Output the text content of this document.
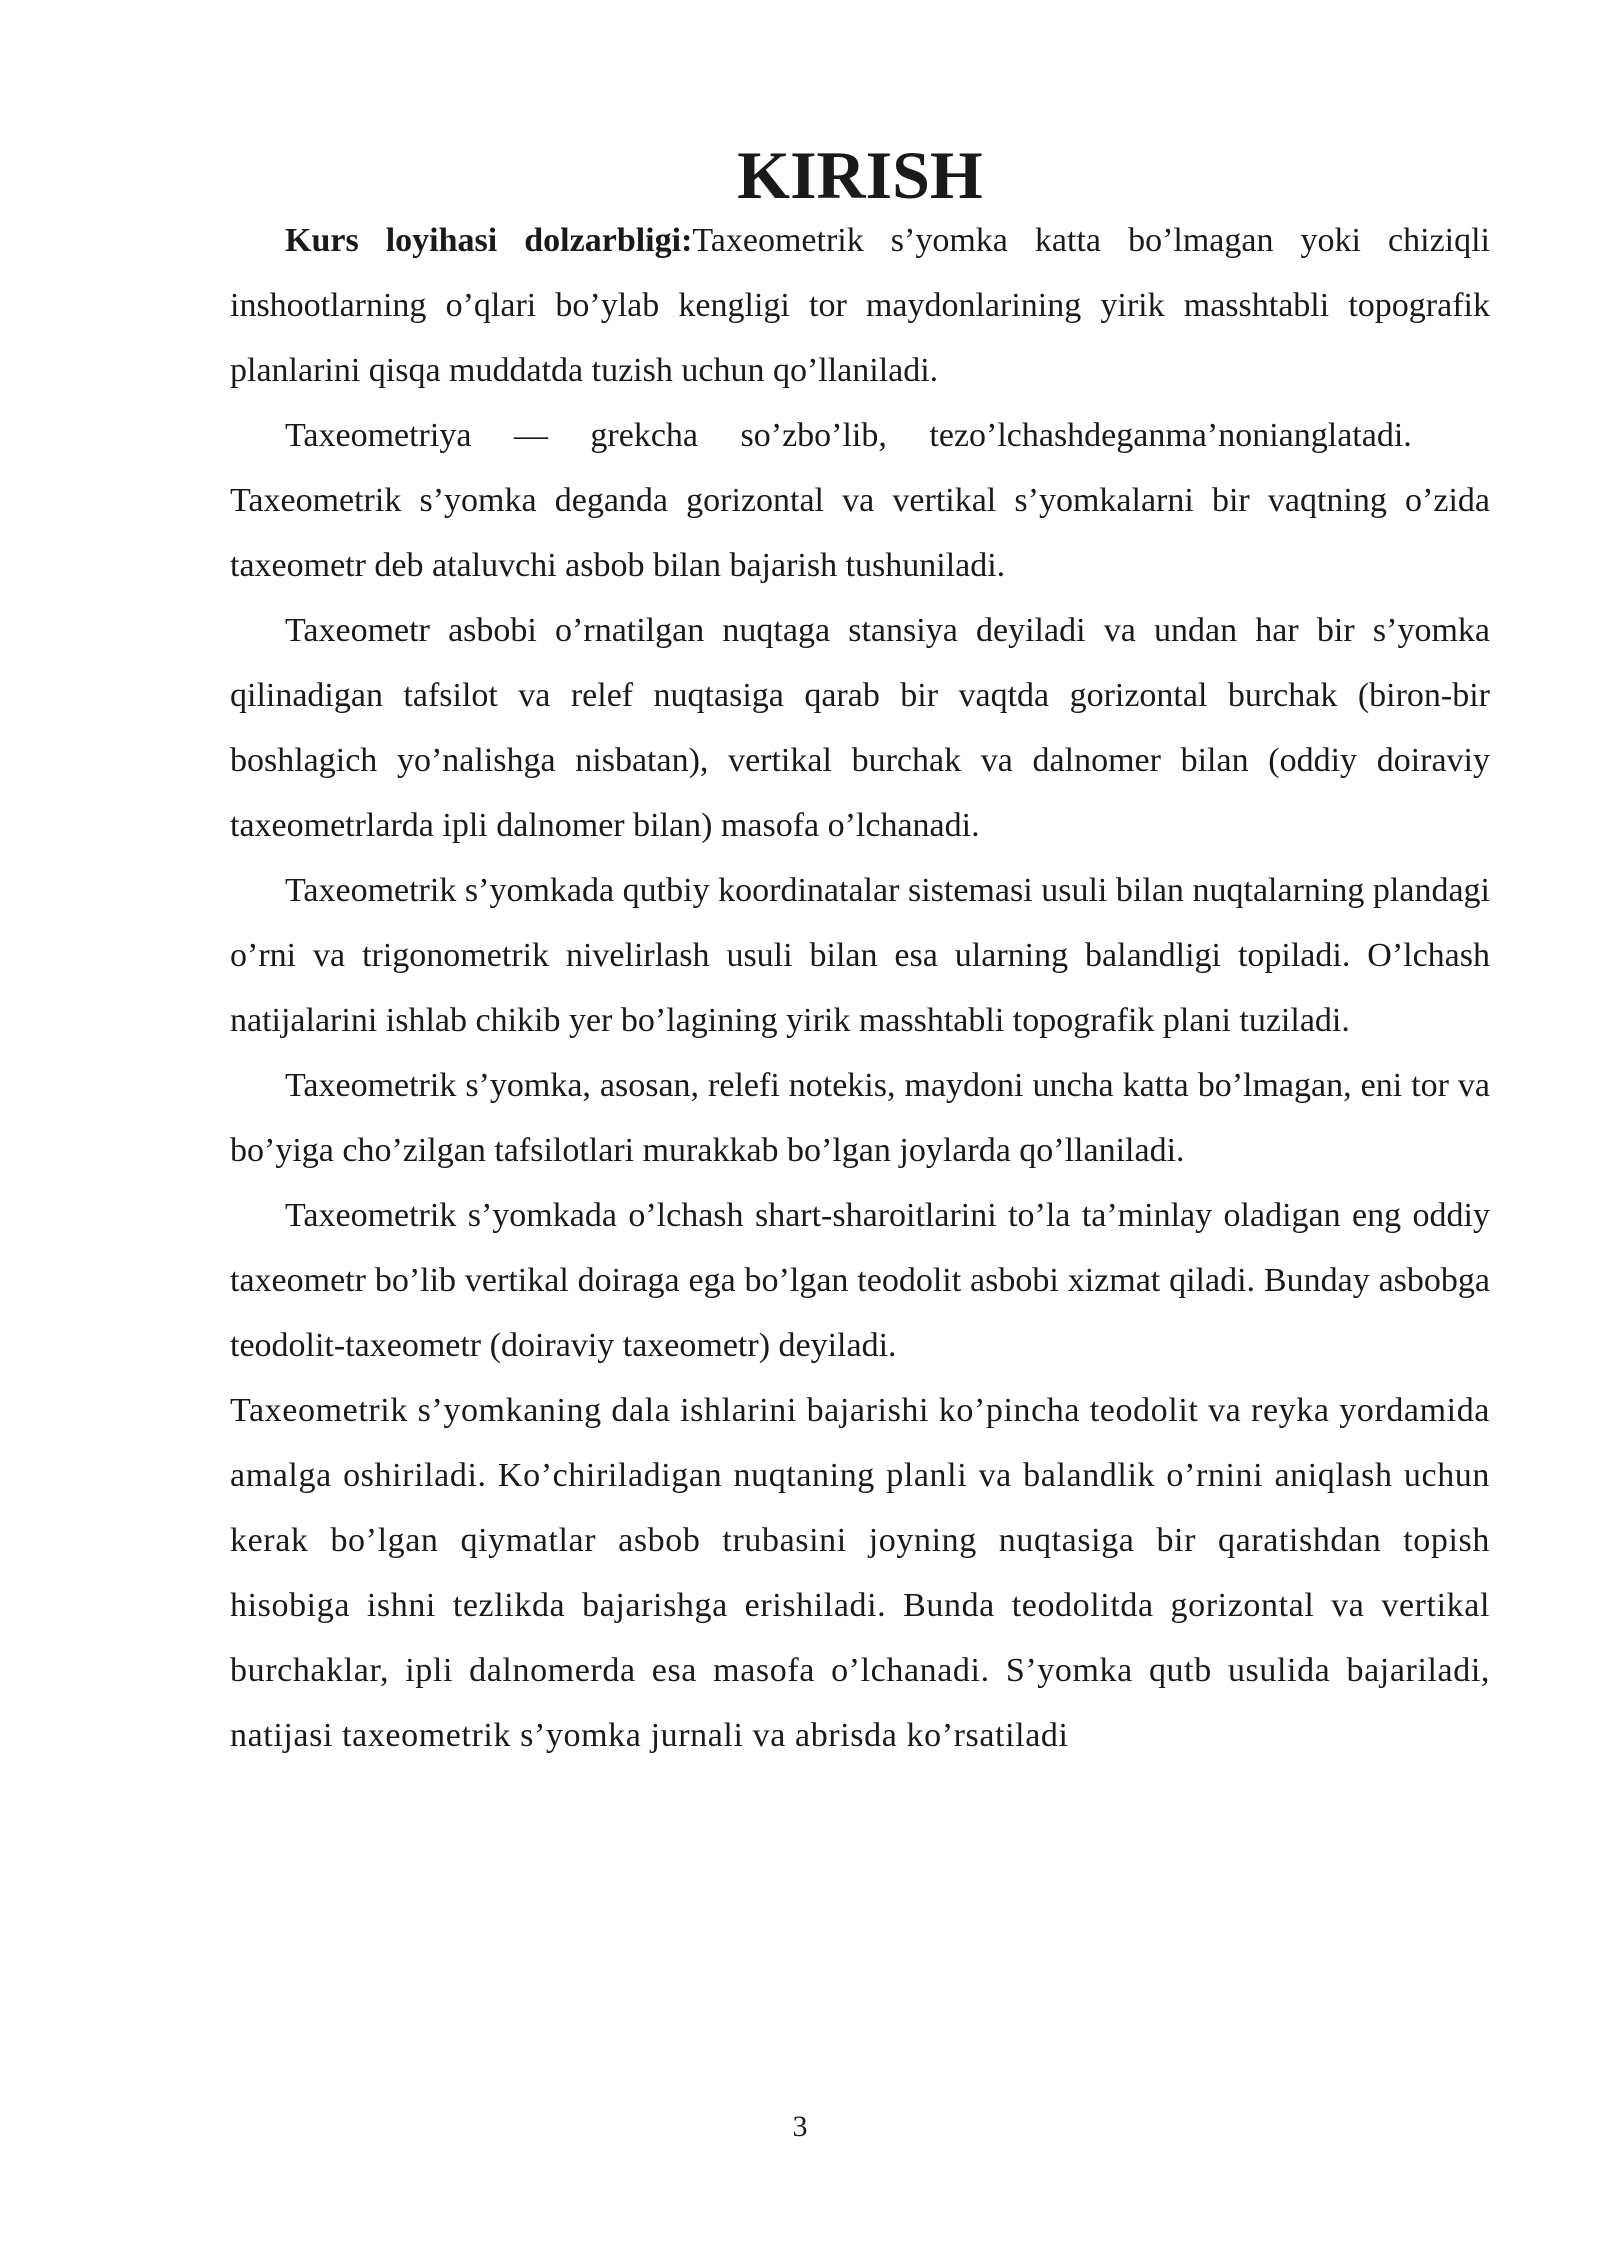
KIRISH

Kurs loyihasi dolzarbligi:Taxeometrik s’yomka katta bo’lmagan yoki chiziqli inshootlarning o’qlari bo’ylab kengligi tor maydonlarining yirik masshtabli topografik planlarini qisqa muddatda tuzish uchun qo’llaniladi.

Taxeometriya — grekcha so’zbo’lib, tezo’lchashdeganma’nonianglatadi.
Taxeometrik s’yomka deganda gorizontal va vertikal s’yomkalarni bir vaqtning o’zida taxeometr deb ataluvchi asbob bilan bajarish tushuniladi.

Taxeometr asbobi o’rnatilgan nuqtaga stansiya deyiladi va undan har bir s’yomka qilinadigan tafsilot va relef nuqtasiga qarab bir vaqtda gorizontal burchak (biron-bir boshlagich yo’nalishga nisbatan), vertikal burchak va dalnomer bilan (oddiy doiraviy taxeometrlarda ipli dalnomer bilan) masofa o’lchanadi.

Taxeometrik s’yomkada qutbiy koordinatalar sistemasi usuli bilan nuqtalarning plandagi o’rni va trigonometrik nivelirlash usuli bilan esa ularning balandligi topiladi. O’lchash natijalarini ishlab chikib yer bo’lagining yirik masshtabli topografik plani tuziladi.

Taxeometrik s’yomka, asosan, relefi notekis, maydoni uncha katta bo’lmagan, eni tor va bo’yiga cho’zilgan tafsilotlari murakkab bo’lgan joylarda qo’llaniladi.

Taxeometrik s’yomkada o’lchash shart-sharoitlarini to’la ta’minlay oladigan eng oddiy taxeometr bo’lib vertikal doiraga ega bo’lgan teodolit asbobi xizmat qiladi. Bunday asbobga teodolit-taxeometr (doiraviy taxeometr) deyiladi.

Taxeometrik s’yomkaning dala ishlarini bajarishi ko’pincha teodolit va reyka yordamida amalga oshiriladi. Ko’chiriladigan nuqtaning planli va balandlik o’rnini aniqlash uchun kerak bo’lgan qiymatlar asbob trubasini joyning nuqtasiga bir qaratishdan topish hisobiga ishni tezlikda bajarishga erishiladi. Bunda teodolitda gorizontal va vertikal burchaklar, ipli dalnomerda esa masofa o’lchanadi. S’yomka qutb usulida bajariladi, natijasi taxeometrik s’yomka jurnali va abrisda ko’rsatiladi

3
